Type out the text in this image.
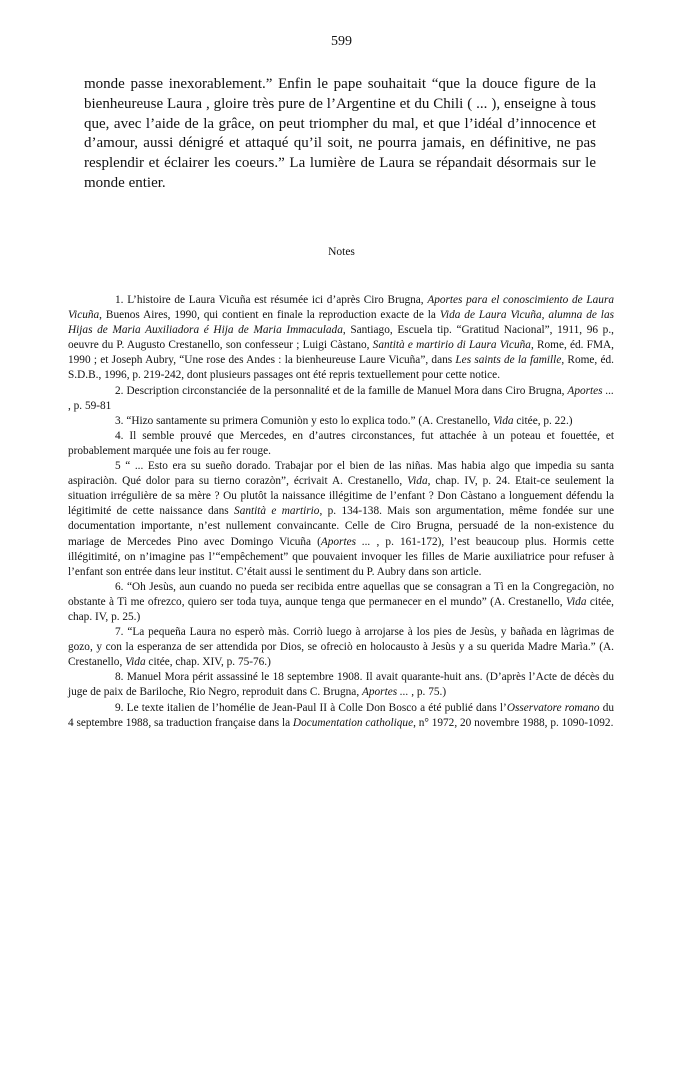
599

monde passe inexorablement.” Enfin le pape souhaitait “que la douce figure de la bienheureuse Laura , gloire très pure de l’Argentine et du Chili ( ... ), enseigne à tous que, avec l’aide de la grâce, on peut triompher du mal, et que l’idéal d’innocence et d’amour, aussi dénigré et attaqué qu’il soit, ne pourra jamais, en définitive, ne pas resplendir et éclairer les coeurs.” La lumière de Laura se répandait désormais sur le monde entier.

Notes

1. L’histoire de Laura Vicuña est résumée ici d’après Ciro Brugna, Aportes para el conoscimiento de Laura Vicuña, Buenos Aires, 1990, qui contient en finale la reproduction exacte de la Vida de Laura Vicuña, alumna de las Hijas de Maria Auxiliadora é Hija de Maria Immaculada, Santiago, Escuela tip. “Gratitud Nacional”, 1911, 96 p., oeuvre du P. Augusto Crestanello, son confesseur ; Luigi Càstano, Santità e martirio di Laura Vicuña, Rome, éd. FMA, 1990 ; et Joseph Aubry, “Une rose des Andes : la bienheureuse Laure Vicuña”, dans Les saints de la famille, Rome, éd. S.D.B., 1996, p. 219-242, dont plusieurs passages ont été repris textuellement pour cette notice.

2. Description circonstanciée de la personnalité et de la famille de Manuel Mora dans Ciro Brugna, Aportes ... , p. 59-81

3. “Hizo santamente su primera Comuniòn y esto lo explica todo.” (A. Crestanello, Vida citée, p. 22.)

4. Il semble prouvé que Mercedes, en d’autres circonstances, fut attachée à un poteau et fouettée, et probablement marquée une fois au fer rouge.

5 “ ... Esto era su sueño dorado. Trabajar por el bien de las niñas. Mas habia algo que impedia su santa aspiraciòn. Qué dolor para su tierno corazòn”, écrivait A. Crestanello, Vida, chap. IV, p. 24. Etait-ce seulement la situation irrégulière de sa mère ? Ou plutôt la naissance illégitime de l’enfant ? Don Càstano a longuement défendu la légitimité de cette naissance dans Santità e martirio, p. 134-138. Mais son argumentation, même fondée sur une documentation importante, n’est nullement convaincante. Celle de Ciro Brugna, persuadé de la non-existence du mariage de Mercedes Pino avec Domingo Vicuña (Aportes ... , p. 161-172), l’est beaucoup plus. Hormis cette illégitimité, on n’imagine pas l’“empêchement” que pouvaient invoquer les filles de Marie auxiliatrice pour refuser à l’enfant son entrée dans leur institut. C’était aussi le sentiment du P. Aubry dans son article.

6. “Oh Jesùs, aun cuando no pueda ser recibida entre aquellas que se consagran a Tì en la Congregaciòn, no obstante à Tì me ofrezco, quiero ser toda tuya, aunque tenga que permanecer en el mundo” (A. Crestanello, Vida citée, chap. IV, p. 25.)

7. “La pequeña Laura no esperò màs. Corriò luego à arrojarse à los pies de Jesùs, y bañada en làgrimas de gozo, y con la esperanza de ser attendida por Dios, se ofreciò en holocausto à Jesùs y a su querida Madre Marìa.” (A. Crestanello, Vida citée, chap. XIV, p. 75-76.)

8. Manuel Mora périt assassiné le 18 septembre 1908. Il avait quarante-huit ans. (D’après l’Acte de décès du juge de paix de Bariloche, Rio Negro, reproduit dans C. Brugna, Aportes ... , p. 75.)

9. Le texte italien de l’homélie de Jean-Paul II à Colle Don Bosco a été publié dans l’Osservatore romano du 4 septembre 1988, sa traduction française dans la Documentation catholique, n° 1972, 20 novembre 1988, p. 1090-1092.
